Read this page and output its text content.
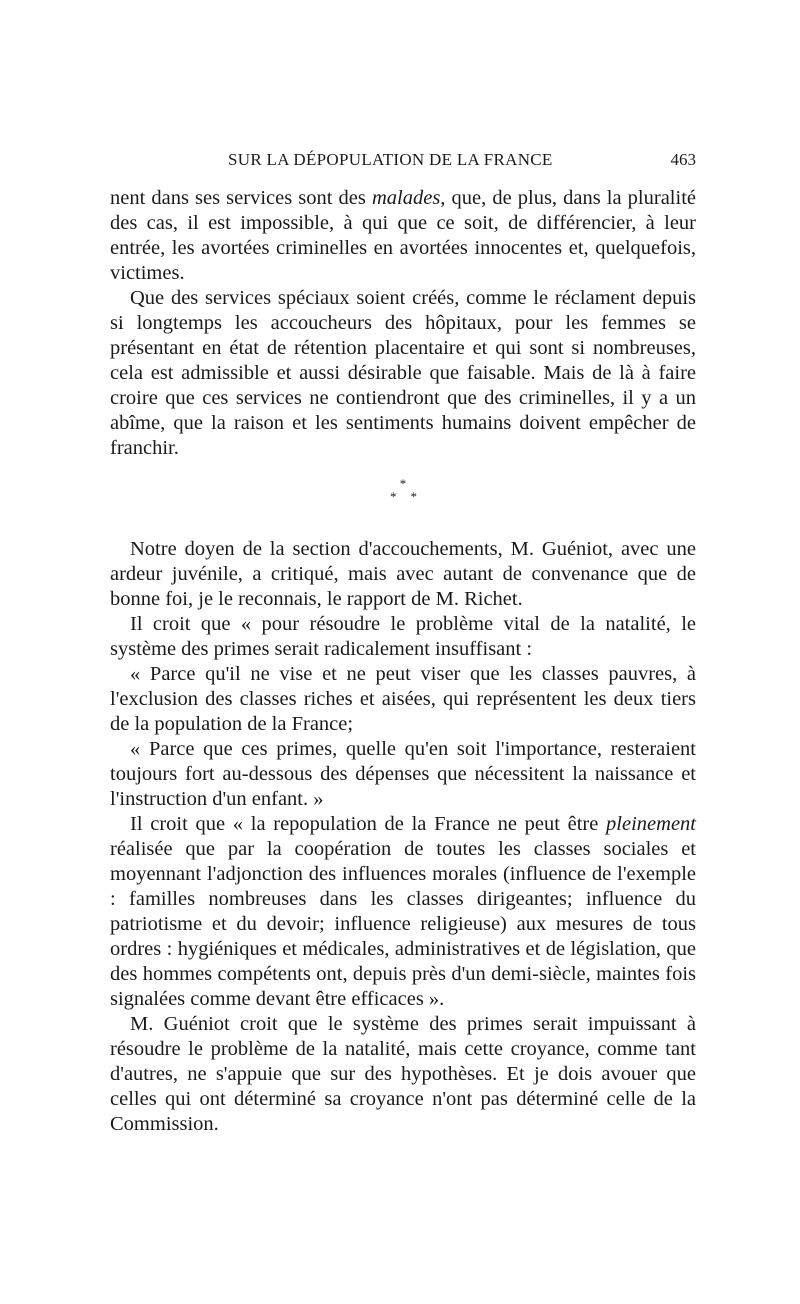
SUR LA DÉPOPULATION DE LA FRANCE	463

nent dans ses services sont des malades, que, de plus, dans la pluralité des cas, il est impossible, à qui que ce soit, de différencier, à leur entrée, les avortées criminelles en avortées innocentes et, quelquefois, victimes.

Que des services spéciaux soient créés, comme le réclament depuis si longtemps les accoucheurs des hôpitaux, pour les femmes se présentant en état de rétention placentaire et qui sont si nombreuses, cela est admissible et aussi désirable que faisable. Mais de là à faire croire que ces services ne contiendront que des criminelles, il y a un abîme, que la raison et les sentiments humains doivent empêcher de franchir.

*
**

Notre doyen de la section d'accouchements, M. Guéniot, avec une ardeur juvénile, a critiqué, mais avec autant de convenance que de bonne foi, je le reconnais, le rapport de M. Richet.

Il croit que « pour résoudre le problème vital de la natalité, le système des primes serait radicalement insuffisant :

« Parce qu'il ne vise et ne peut viser que les classes pauvres, à l'exclusion des classes riches et aisées, qui représentent les deux tiers de la population de la France;

« Parce que ces primes, quelle qu'en soit l'importance, resteraient toujours fort au-dessous des dépenses que nécessitent la naissance et l'instruction d'un enfant. »

Il croit que « la repopulation de la France ne peut être pleinement réalisée que par la coopération de toutes les classes sociales et moyennant l'adjonction des influences morales (influence de l'exemple : familles nombreuses dans les classes dirigeantes; influence du patriotisme et du devoir; influence religieuse) aux mesures de tous ordres : hygiéniques et médicales, administratives et de législation, que des hommes compétents ont, depuis près d'un demi-siècle, maintes fois signalées comme devant être efficaces ».

M. Guéniot croit que le système des primes serait impuissant à résoudre le problème de la natalité, mais cette croyance, comme tant d'autres, ne s'appuie que sur des hypothèses. Et je dois avouer que celles qui ont déterminé sa croyance n'ont pas déterminé celle de la Commission.
